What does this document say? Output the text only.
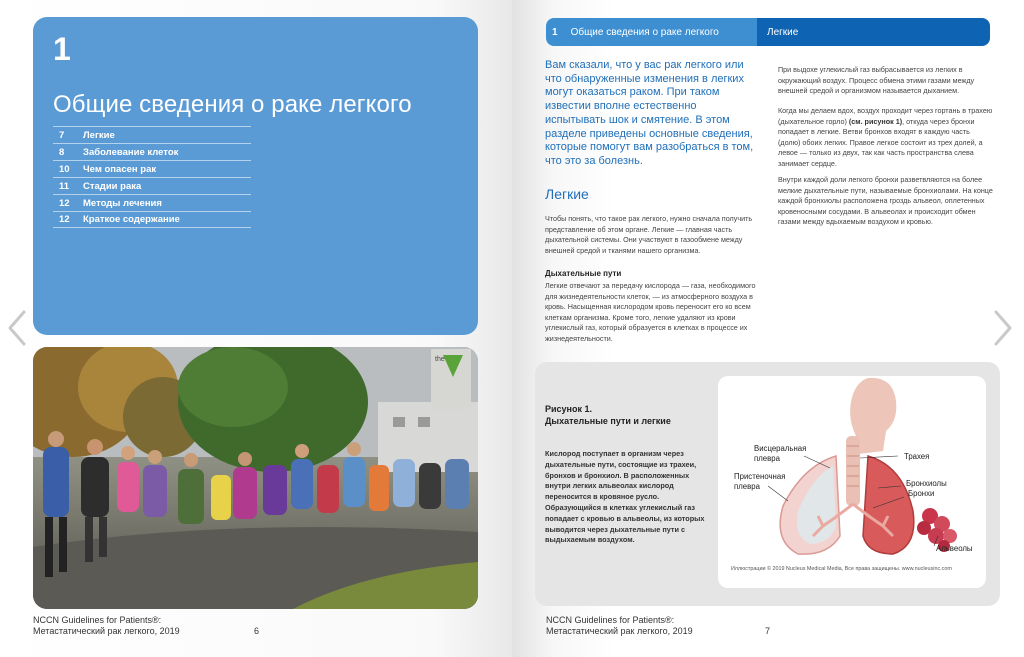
1
Общие сведения о раке легкого
7	Легкие
8	Заболевание клеток
10	Чем опасен рак
11	Стадии рака
12	Методы лечения
12	Краткое содержание
the
NCCN Guidelines for Patients®:
Метастатический рак легкого, 2019	6
1 Общие сведения о раке легкого	Легкие
Вам сказали, что у вас рак легкого или что обнаруженные изменения в легких могут оказаться раком. При таком известии вполне естественно испытывать шок и смятение. В этом разделе приведены основные сведения, которые помогут вам разобраться в том, что это за болезнь.
Легкие
Чтобы понять, что такое рак легкого, нужно сначала получить представление об этом органе. Легкие — главная часть дыхательной системы. Они участвуют в газообмене между внешней средой и тканями нашего организма.
Дыхательные пути
Легкие отвечают за передачу кислорода — газа, необходимого для жизнедеятельности клеток, — из атмосферного воздуха в кровь. Насыщенная кислородом кровь переносит его ко всем клеткам организма. Кроме того, легкие удаляют из крови углекислый газ, который образуется в клетках в процессе их жизнедеятельности.
При выдохе углекислый газ выбрасывается из легких в окружающий воздух. Процесс обмена этими газами между внешней средой и организмом называется дыханием.
Когда мы делаем вдох, воздух проходит через гортань в трахею (дыхательное горло) (см. рисунок 1), откуда через бронхи попадает в легкие. Ветви бронхов входят в каждую часть (долю) обоих легких. Правое легкое состоит из трех долей, а левое — только из двух, так как часть пространства слева занимает сердце.
Внутри каждой доли легкого бронхи разветвляются на более мелкие дыхательные пути, называемые бронхиолами. На конце каждой бронхиолы расположена гроздь альвеол, оплетенных кровеносными сосудами. В альвеолах и происходит обмен газами между вдыхаемым воздухом и кровью.
Рисунок 1.
Дыхательные пути и легкие
Кислород поступает в организм через дыхательные пути, состоящие из трахеи, бронхов и бронхиол. В расположенных внутри легких альвеолах кислород переносится в кровяное русло. Образующийся в клетках углекислый газ попадает с кровью в альвеолы, из которых выводится через дыхательные пути с выдыхаемым воздухом.
Висцеральная плевра
Пристеночная плевра
Трахея
Бронхиолы
Бронхи
Альвеолы
Иллюстрации © 2019 Nucleus Medical Media, Все права защищены. www.nucleusinc.com
NCCN Guidelines for Patients®:
Метастатический рак легкого, 2019	7
